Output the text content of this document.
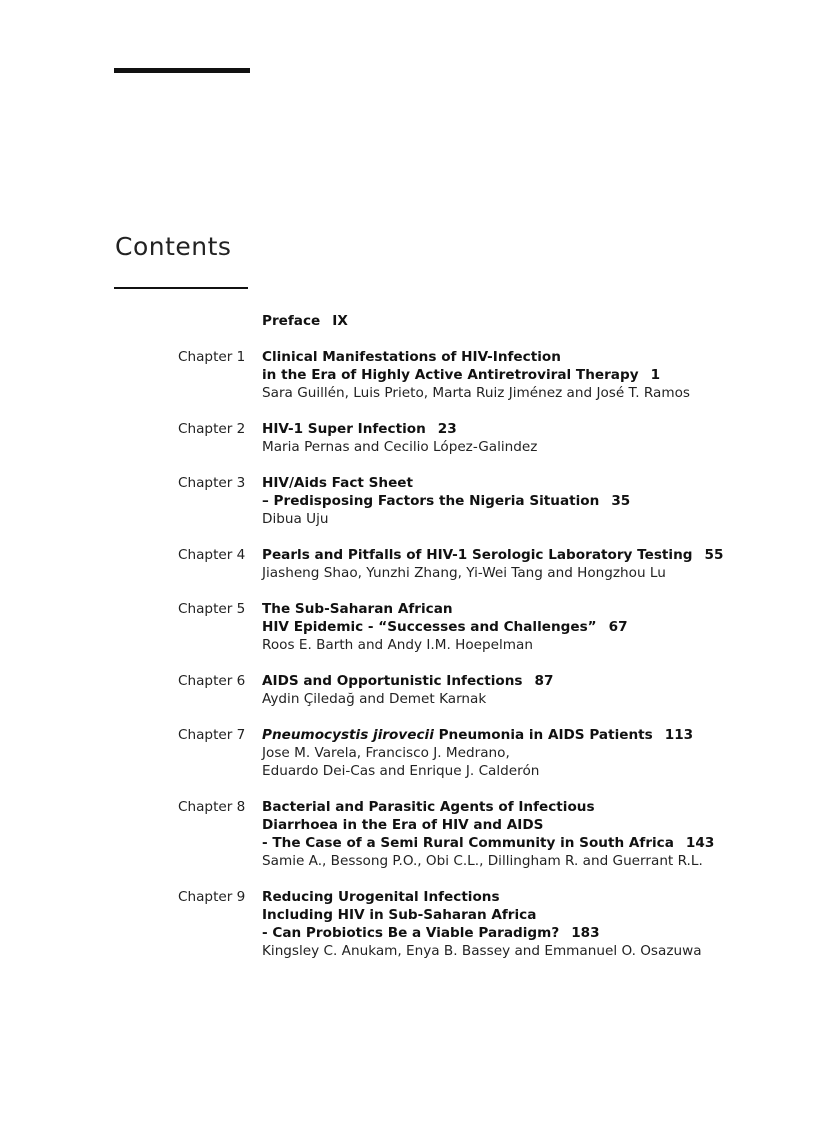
Contents
Preface IX
Chapter 1 Clinical Manifestations of HIV-Infection
in the Era of Highly Active Antiretroviral Therapy 1
Sara Guillén, Luis Prieto, Marta Ruiz Jiménez and José T. Ramos
Chapter 2 HIV-1 Super Infection 23
Maria Pernas and Cecilio López-Galindez
Chapter 3 HIV/Aids Fact Sheet
– Predisposing Factors the Nigeria Situation 35
Dibua Uju
Chapter 4 Pearls and Pitfalls of HIV-1 Serologic Laboratory Testing 55
Jiasheng Shao, Yunzhi Zhang, Yi-Wei Tang and Hongzhou Lu
Chapter 5 The Sub-Saharan African
HIV Epidemic - “Successes and Challenges” 67
Roos E. Barth and Andy I.M. Hoepelman
Chapter 6 AIDS and Opportunistic Infections 87
Aydin Çiledağ and Demet Karnak
Chapter 7 Pneumocystis jirovecii Pneumonia in AIDS Patients 113
Jose M. Varela, Francisco J. Medrano,
Eduardo Dei-Cas and Enrique J. Calderón
Chapter 8 Bacterial and Parasitic Agents of Infectious
Diarrhoea in the Era of HIV and AIDS
- The Case of a Semi Rural Community in South Africa 143
Samie A., Bessong P.O., Obi C.L., Dillingham R. and Guerrant R.L.
Chapter 9 Reducing Urogenital Infections
Including HIV in Sub-Saharan Africa
- Can Probiotics Be a Viable Paradigm? 183
Kingsley C. Anukam, Enya B. Bassey and Emmanuel O. Osazuwa
